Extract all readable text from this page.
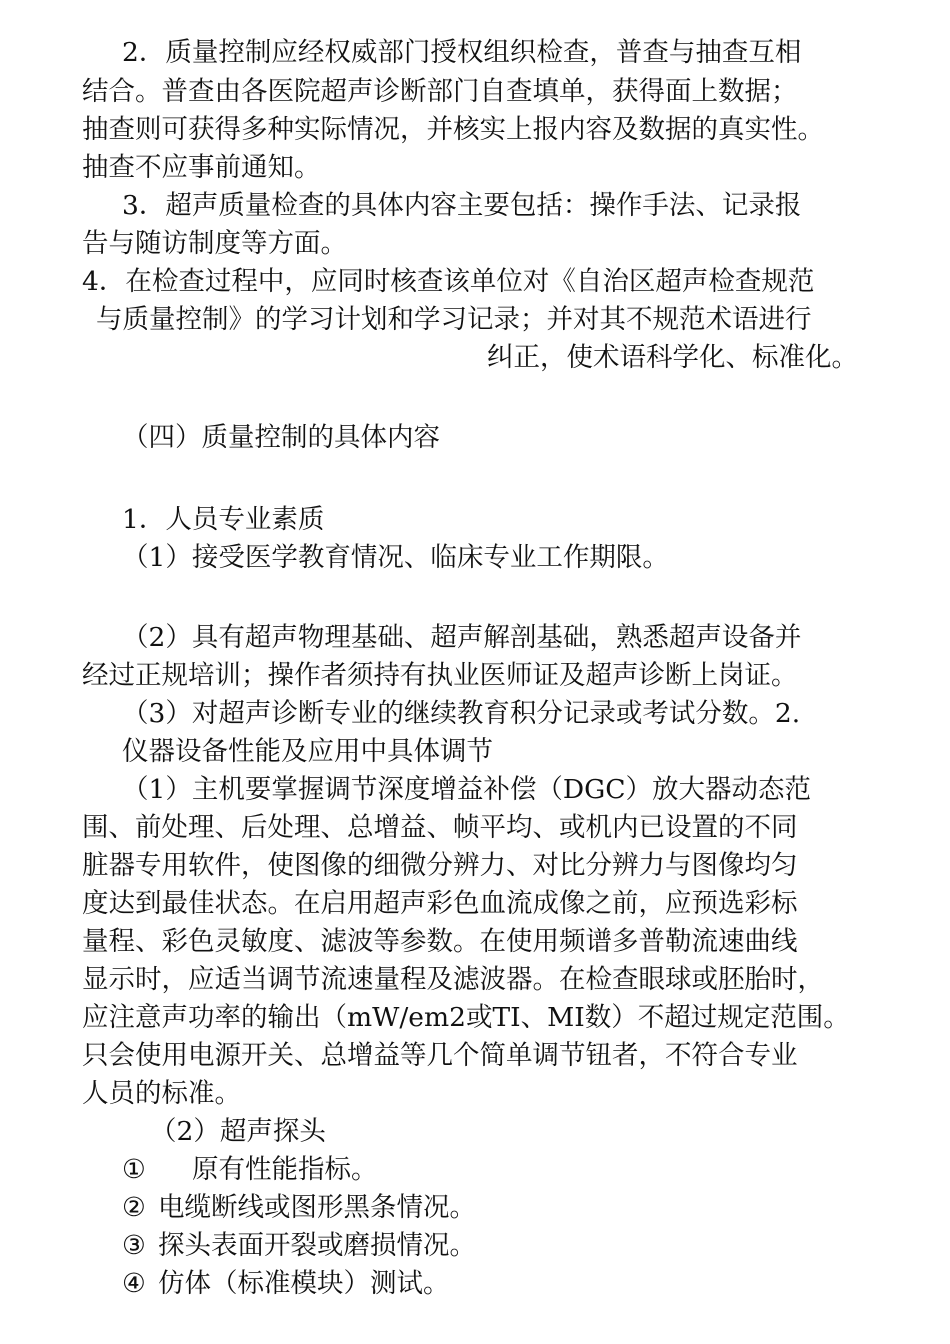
2．质量控制应经权威部门授权组织检查，普查与抽查互相
结合。普查由各医院超声诊断部门自查填单，获得面上数据；
抽查则可获得多种实际情况，并核实上报内容及数据的真实性。
抽查不应事前通知。
3．超声质量检查的具体内容主要包括：操作手法、记录报
告与随访制度等方面。
4．在检查过程中，应同时核查该单位对《自治区超声检查规范
与质量控制》的学习计划和学习记录；并对其不规范术语进行
纠正，使术语科学化、标准化。
（四）质量控制的具体内容
1．人员专业素质
（1）接受医学教育情况、临床专业工作期限。
（2）具有超声物理基础、超声解剖基础，熟悉超声设备并
经过正规培训；操作者须持有执业医师证及超声诊断上岗证。
（3）对超声诊断专业的继续教育积分记录或考试分数。2.
仪器设备性能及应用中具体调节
（1）主机要掌握调节深度增益补偿（DGC）放大器动态范
围、前处理、后处理、总增益、帧平均、或机内已设置的不同
脏器专用软件，使图像的细微分辨力、对比分辨力与图像均匀
度达到最佳状态。在启用超声彩色血流成像之前，应预选彩标
量程、彩色灵敏度、滤波等参数。在使用频谱多普勒流速曲线
显示时，应适当调节流速量程及滤波器。在检查眼球或胚胎时，
应注意声功率的输出（mW/em2或TI、MI数）不超过规定范围。
只会使用电源开关、总增益等几个简单调节钮者，不符合专业
人员的标准。
（2）超声探头
① 原有性能指标。
② 电缆断线或图形黑条情况。
③ 探头表面开裂或磨损情况。
④ 仿体（标准模块）测试。
